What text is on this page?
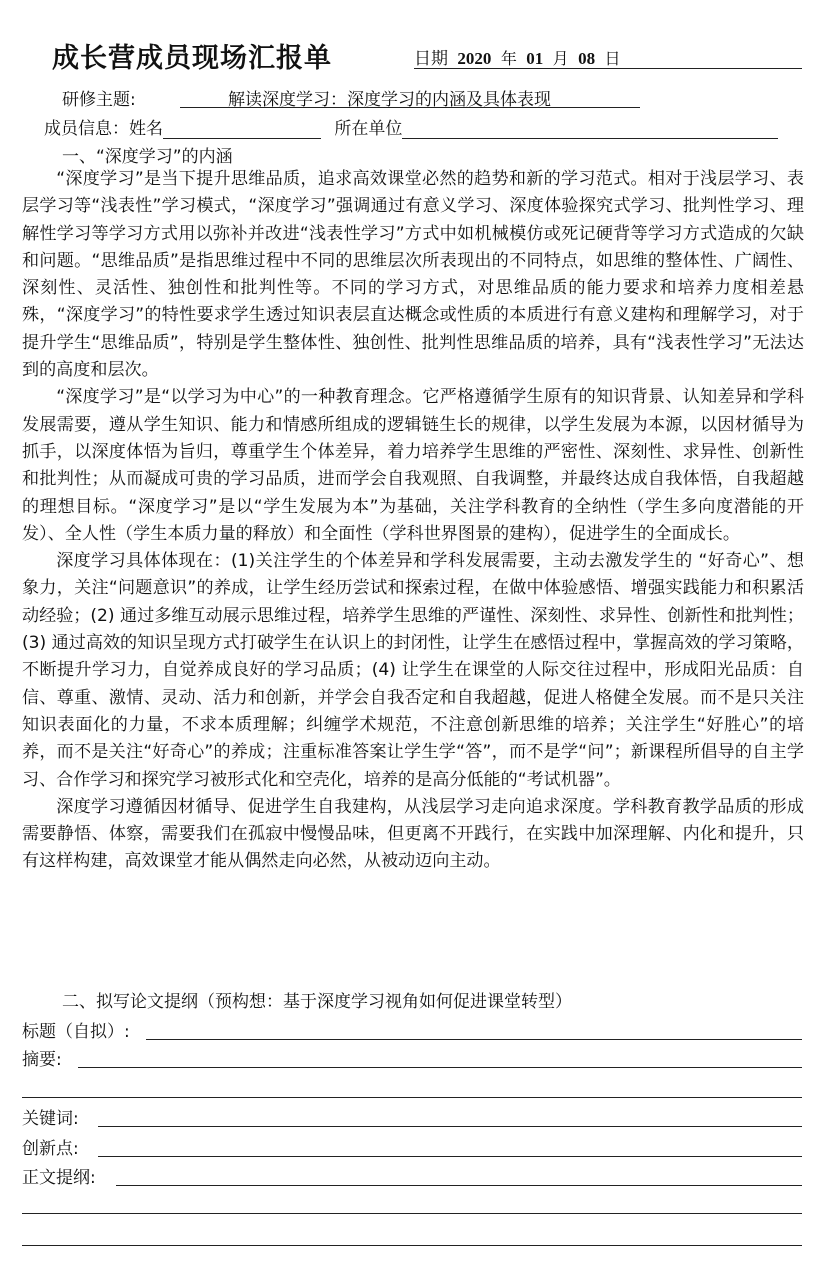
成长营成员现场汇报单	日期 2020 年 01 月 08 日
研修主题:	解读深度学习：深度学习的内涵及具体表现
成员信息：姓名	所在单位
一、“深度学习”的内涵

“深度学习”是当下提升思维品质，追求高效课堂必然的趋势和新的学习范式。相对于浅层学习、表层学习等“浅表性”学习模式，“深度学习”强调通过有意义学习、深度体验探究式学习、批判性学习、理解性学习等学习方式用以弥补并改进“浅表性学习”方式中如机械模仿或死记硬背等学习方式造成的欠缺和问题。“思维品质”是指思维过程中不同的思维层次所表现出的不同特点，如思维的整体性、广阔性、深刻性、灵活性、独创性和批判性等。不同的学习方式，对思维品质的能力要求和培养力度相差悬殊，“深度学习”的特性要求学生透过知识表层直达概念或性质的本质进行有意义建构和理解学习，对于提升学生“思维品质”，特别是学生整体性、独创性、批判性思维品质的培养，具有“浅表性学习”无法达到的高度和层次。

“深度学习”是“以学习为中心”的一种教育理念。它严格遵循学生原有的知识背景、认知差异和学科发展需要，遵从学生知识、能力和情感所组成的逻辑链生长的规律，以学生发展为本源，以因材循导为抓手，以深度体悟为旨归，尊重学生个体差异，着力培养学生思维的严密性、深刻性、求异性、创新性和批判性；从而凝成可贵的学习品质，进而学会自我观照、自我调整，并最终达成自我体悟，自我超越的理想目标。“深度学习”是以“学生发展为本”为基础，关注学科教育的全纳性（学生多向度潜能的开发）、全人性（学生本质力量的释放）和全面性（学科世界图景的建构），促进学生的全面成长。

深度学习具体体现在：(1)关注学生的个体差异和学科发展需要，主动去激发学生的 “好奇心”、想象力，关注“问题意识”的养成，让学生经历尝试和探索过程，在做中体验感悟、增强实践能力和积累活动经验；(2) 通过多维互动展示思维过程，培养学生思维的严谨性、深刻性、求异性、创新性和批判性；(3) 通过高效的知识呈现方式打破学生在认识上的封闭性，让学生在感悟过程中，掌握高效的学习策略，不断提升学习力，自觉养成良好的学习品质；(4) 让学生在课堂的人际交往过程中，形成阳光品质：自信、尊重、激情、灵动、活力和创新，并学会自我否定和自我超越，促进人格健全发展。而不是只关注知识表面化的力量，不求本质理解；纠缠学术规范，不注意创新思维的培养；关注学生“好胜心”的培养，而不是关注“好奇心”的养成；注重标准答案让学生学“答”，而不是学“问”；新课程所倡导的自主学习、合作学习和探究学习被形式化和空壳化，培养的是高分低能的“考试机器”。

深度学习遵循因材循导、促进学生自我建构，从浅层学习走向追求深度。学科教育教学品质的形成需要静悟、体察，需要我们在孤寂中慢慢品味，但更离不开践行，在实践中加深理解、内化和提升，只有这样构建，高效课堂才能从偶然走向必然，从被动迈向主动。

二、拟写论文提纲（预构想：基于深度学习视角如何促进课堂转型）
标题（自拟）:
摘要:
关键词:
创新点:
正文提纲:
